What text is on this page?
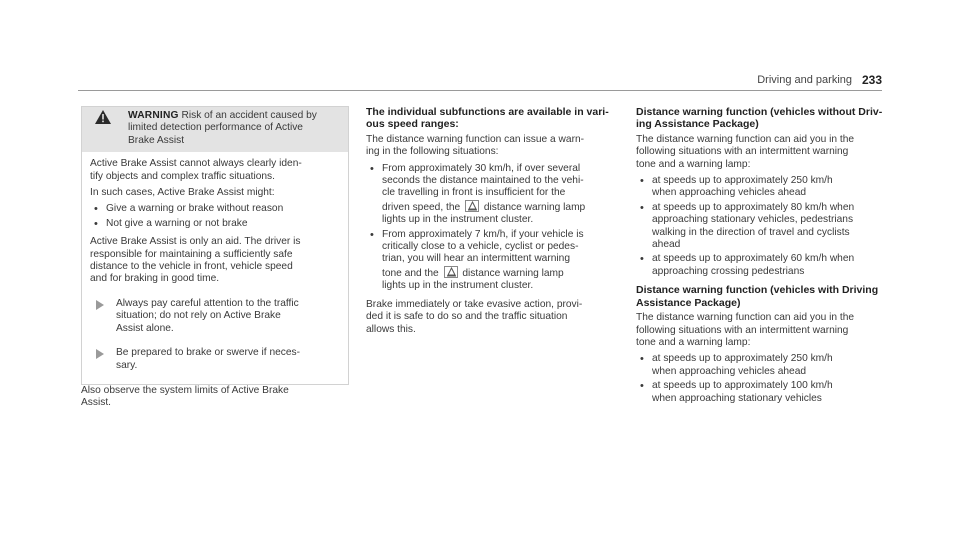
Driving and parking 233
WARNING Risk of an accident caused by
limited detection performance of Active
Brake Assist

Active Brake Assist cannot always clearly iden-
tify objects and complex traffic situations.

In such cases, Active Brake Assist might:

• Give a warning or brake without reason
• Not give a warning or not brake

Active Brake Assist is only an aid. The driver is
responsible for maintaining a sufficiently safe
distance to the vehicle in front, vehicle speed
and for braking in good time.

Always pay careful attention to the traffic
situation; do not rely on Active Brake
Assist alone.
Be prepared to brake or swerve if neces-
sary.

Also observe the system limits of Active Brake
Assist.

The individual subfunctions are available in vari-
ous speed ranges:

The distance warning function can issue a warn-
ing in the following situations:

• From approximately 30 km/h, if over several
seconds the distance maintained to the vehi-
cle travelling in front is insufficient for the
driven speed, the distance warning lamp
lights up in the instrument cluster.
• From approximately 7 km/h, if your vehicle is
critically close to a vehicle, cyclist or pedes-
trian, you will hear an intermittent warning
tone and the distance warning lamp
lights up in the instrument cluster.

Brake immediately or take evasive action, provi-
ded it is safe to do so and the traffic situation
allows this.

Distance warning function (vehicles without Driv-
ing Assistance Package)

The distance warning function can aid you in the
following situations with an intermittent warning
tone and a warning lamp:

• at speeds up to approximately 250 km/h
when approaching vehicles ahead
• at speeds up to approximately 80 km/h when
approaching stationary vehicles, pedestrians
walking in the direction of travel and cyclists
ahead
• at speeds up to approximately 60 km/h when
approaching crossing pedestrians
Distance warning function (vehicles with Driving
Assistance Package)

The distance warning function can aid you in the
following situations with an intermittent warning
tone and a warning lamp:

• at speeds up to approximately 250 km/h
when approaching vehicles ahead
• at speeds up to approximately 100 km/h
when approaching stationary vehicles
